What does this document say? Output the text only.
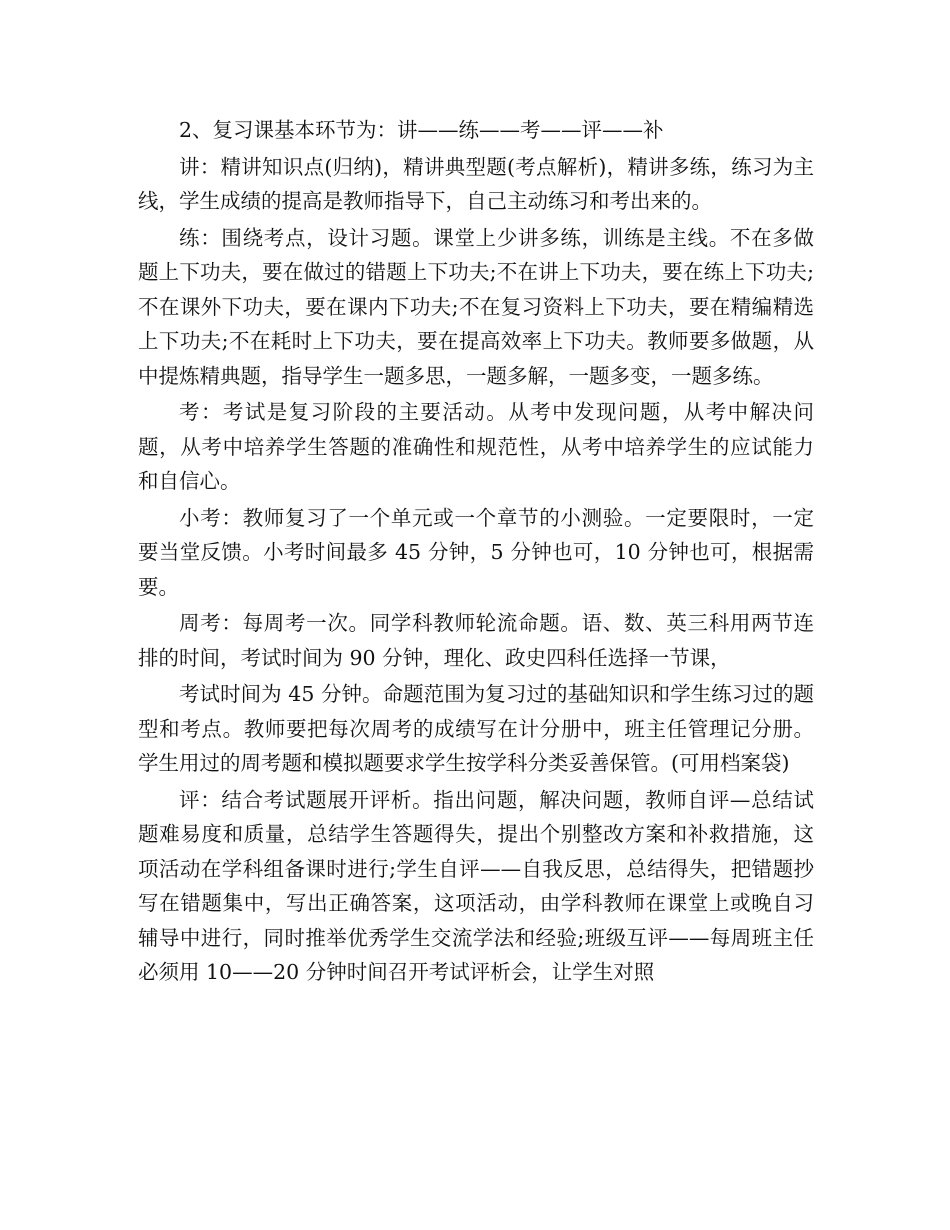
2、复习课基本环节为：讲——练——考——评——补

讲：精讲知识点(归纳)，精讲典型题(考点解析)，精讲多练，练习为主线，学生成绩的提高是教师指导下，自己主动练习和考出来的。

练：围绕考点，设计习题。课堂上少讲多练，训练是主线。不在多做题上下功夫，要在做过的错题上下功夫;不在讲上下功夫，要在练上下功夫;不在课外下功夫，要在课内下功夫;不在复习资料上下功夫，要在精编精选上下功夫;不在耗时上下功夫，要在提高效率上下功夫。教师要多做题，从中提炼精典题，指导学生一题多思，一题多解，一题多变，一题多练。

考：考试是复习阶段的主要活动。从考中发现问题，从考中解决问题，从考中培养学生答题的准确性和规范性，从考中培养学生的应试能力和自信心。

小考：教师复习了一个单元或一个章节的小测验。一定要限时，一定要当堂反馈。小考时间最多 45 分钟，5 分钟也可，10 分钟也可，根据需要。

周考：每周考一次。同学科教师轮流命题。语、数、英三科用两节连排的时间，考试时间为 90 分钟，理化、政史四科任选择一节课，

考试时间为 45 分钟。命题范围为复习过的基础知识和学生练习过的题型和考点。教师要把每次周考的成绩写在计分册中，班主任管理记分册。学生用过的周考题和模拟题要求学生按学科分类妥善保管。(可用档案袋)

评：结合考试题展开评析。指出问题，解决问题，教师自评—总结试题难易度和质量，总结学生答题得失，提出个别整改方案和补救措施，这项活动在学科组备课时进行;学生自评——自我反思，总结得失，把错题抄写在错题集中，写出正确答案，这项活动，由学科教师在课堂上或晚自习辅导中进行，同时推举优秀学生交流学法和经验;班级互评——每周班主任必须用 10——20 分钟时间召开考试评析会，让学生对照
